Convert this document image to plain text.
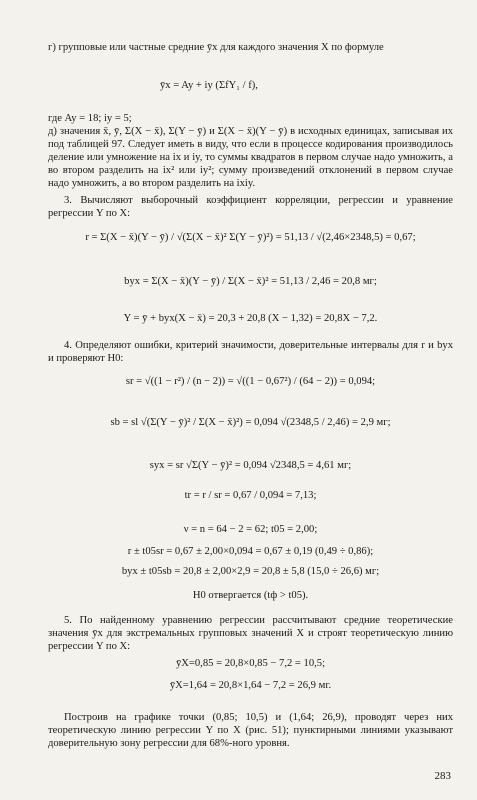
г) групповые или частные средние ȳx для каждого значения X по формуле
ȳx = Ay + iy (ΣfY₁ / f),
где Ay = 18; iy = 5;
д) значения x̄, ȳ, Σ(X − x̄), Σ(Y − ȳ) и Σ(X − x̄)(Y − ȳ) в исходных единицах, записывая их под таблицей 97. Следует иметь в виду, что если в процессе кодирования производилось деление или умножение на ix и iy, то суммы квадратов в первом случае надо умножить, а во втором разделить на ix² или iy²; сумму произведений отклонений в первом случае надо умножить, а во втором разделить на ixiy.
3. Вычисляют выборочный коэффициент корреляции, регрессии и уравнение регрессии Y по X:
r = Σ(X − x̄)(Y − ȳ) / √(Σ(X − x̄)² Σ(Y − ȳ)²) = 51,13 / √(2,46×2348,5) = 0,67;
byx = Σ(X − x̄)(Y − ȳ) / Σ(X − x̄)² = 51,13 / 2,46 = 20,8 мг;
Y = ȳ + byx(X − x̄) = 20,3 + 20,8 (X − 1,32) = 20,8X − 7,2.
4. Определяют ошибки, критерий значимости, доверительные интервалы для r и byx и проверяют H0:
sr = √((1 − r²) / (n − 2)) = √((1 − 0,67²) / (64 − 2)) = 0,094;
sb = sl √(Σ(Y − ȳ)² / Σ(X − x̄)²) = 0,094 √(2348,5 / 2,46) = 2,9 мг;
syx = sr √Σ(Y − ȳ)² = 0,094 √2348,5 = 4,61 мг;
tr = r / sr = 0,67 / 0,094 = 7,13;
ν = n = 64 − 2 = 62; t05 = 2,00;
r ± t05sr = 0,67 ± 2,00×0,094 = 0,67 ± 0,19 (0,49 ÷ 0,86);
byx ± t05sb = 20,8 ± 2,00×2,9 = 20,8 ± 5,8 (15,0 ÷ 26,6) мг;
H0 отвергается (tф > t05).
5. По найденному уравнению регрессии рассчитывают средние теоретические значения ȳx для экстремальных групповых значений X и строят теоретическую линию регрессии Y по X:
ȳX=0,85 = 20,8×0,85 − 7,2 = 10,5;
ȳX=1,64 = 20,8×1,64 − 7,2 = 26,9 мг.
Построив на графике точки (0,85; 10,5) и (1,64; 26,9), проводят через них теоретическую линию регрессии Y по X (рис. 51); пунктирными линиями указывают доверительную зону регрессии для 68%-ного уровня.
283
